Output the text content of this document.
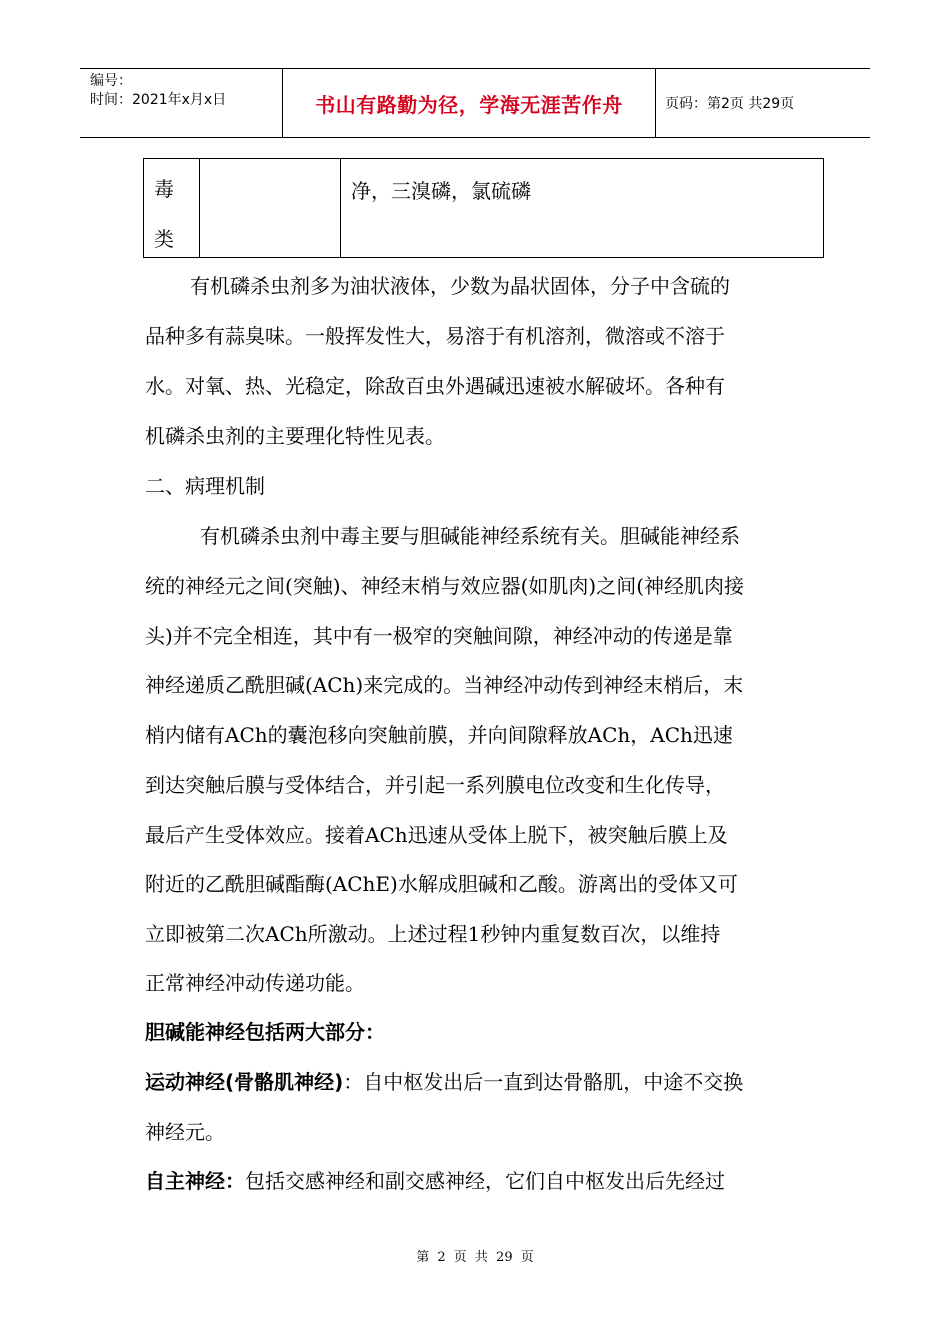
编号：
时间：2021年x月x日	书山有路勤为径，学海无涯苦作舟	页码：第2页 共29页
毒
类
净，三溴磷，氯硫磷
有机磷杀虫剂多为油状液体，少数为晶状固体，分子中含硫的
品种多有蒜臭味。一般挥发性大，易溶于有机溶剂，微溶或不溶于
水。对氧、热、光稳定，除敌百虫外遇碱迅速被水解破坏。各种有
机磷杀虫剂的主要理化特性见表。
二、病理机制
有机磷杀虫剂中毒主要与胆碱能神经系统有关。胆碱能神经系
统的神经元之间(突触)、神经末梢与效应器(如肌肉)之间(神经肌肉接
头)并不完全相连，其中有一极窄的突触间隙，神经冲动的传递是靠
神经递质乙酰胆碱(ACh)来完成的。当神经冲动传到神经末梢后，末
梢内储有ACh的囊泡移向突触前膜，并向间隙释放ACh，ACh迅速
到达突触后膜与受体结合，并引起一系列膜电位改变和生化传导，
最后产生受体效应。接着ACh迅速从受体上脱下，被突触后膜上及
附近的乙酰胆碱酯酶(AChE)水解成胆碱和乙酸。游离出的受体又可
立即被第二次ACh所激动。上述过程1秒钟内重复数百次，以维持
正常神经冲动传递功能。
胆碱能神经包括两大部分：
运动神经(骨骼肌神经)：自中枢发出后一直到达骨骼肌，中途不交换
神经元。
自主神经：包括交感神经和副交感神经，它们自中枢发出后先经过
第 2 页 共 29 页
